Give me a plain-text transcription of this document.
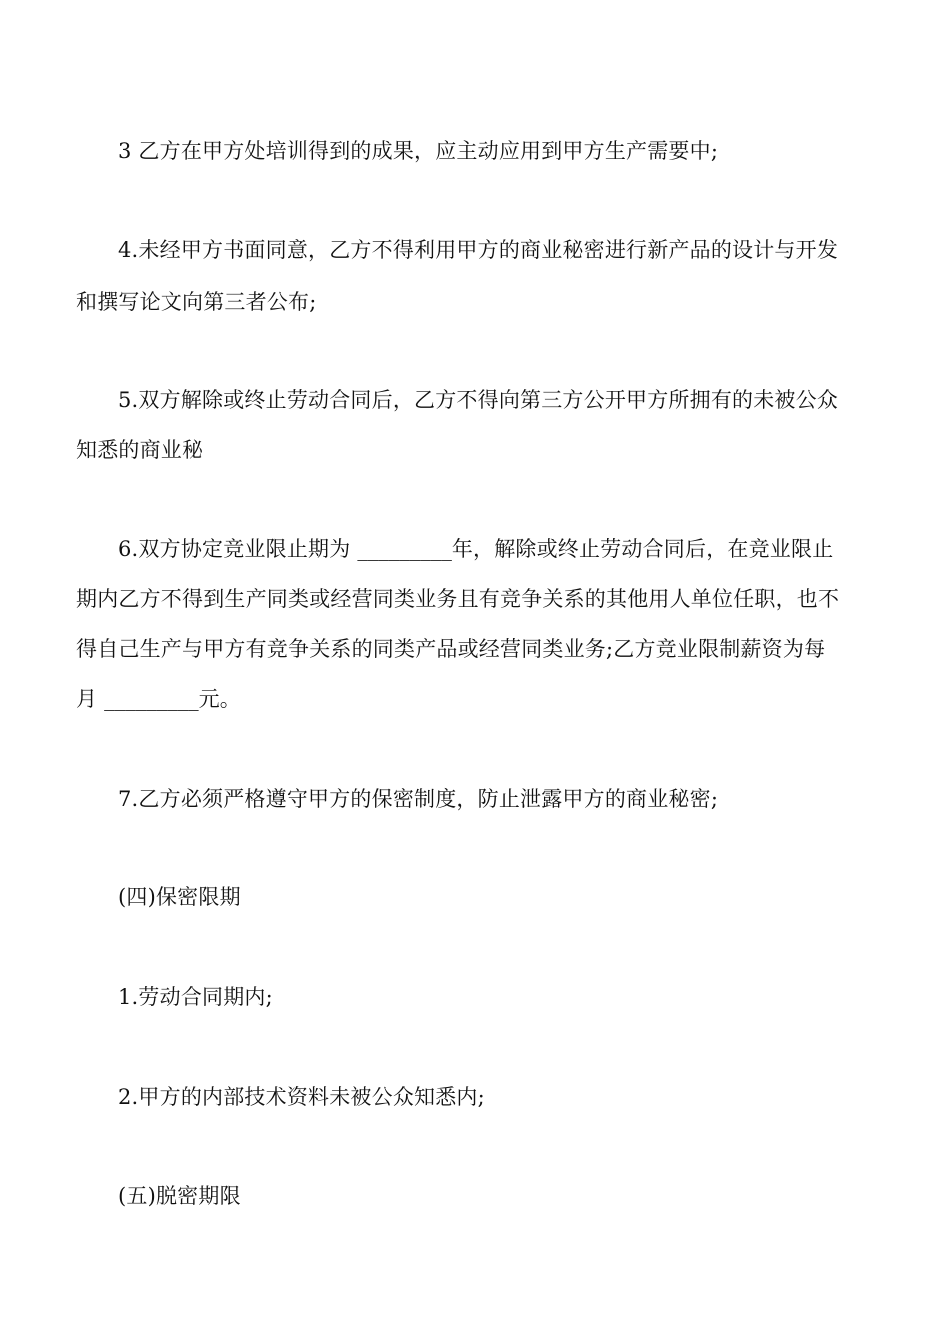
3 乙方在甲方处培训得到的成果，应主动应用到甲方生产需要中;
4.未经甲方书面同意，乙方不得利用甲方的商业秘密进行新产品的设计与开发
和撰写论文向第三者公布;
5.双方解除或终止劳动合同后，乙方不得向第三方公开甲方所拥有的未被公众
知悉的商业秘
6.双方协定竞业限止期为 _________年，解除或终止劳动合同后，在竞业限止
期内乙方不得到生产同类或经营同类业务且有竞争关系的其他用人单位任职，也不
得自己生产与甲方有竞争关系的同类产品或经营同类业务;乙方竞业限制薪资为每
月 _________元。
7.乙方必须严格遵守甲方的保密制度，防止泄露甲方的商业秘密;
(四)保密限期
1.劳动合同期内;
2.甲方的内部技术资料未被公众知悉内;
(五)脱密期限
